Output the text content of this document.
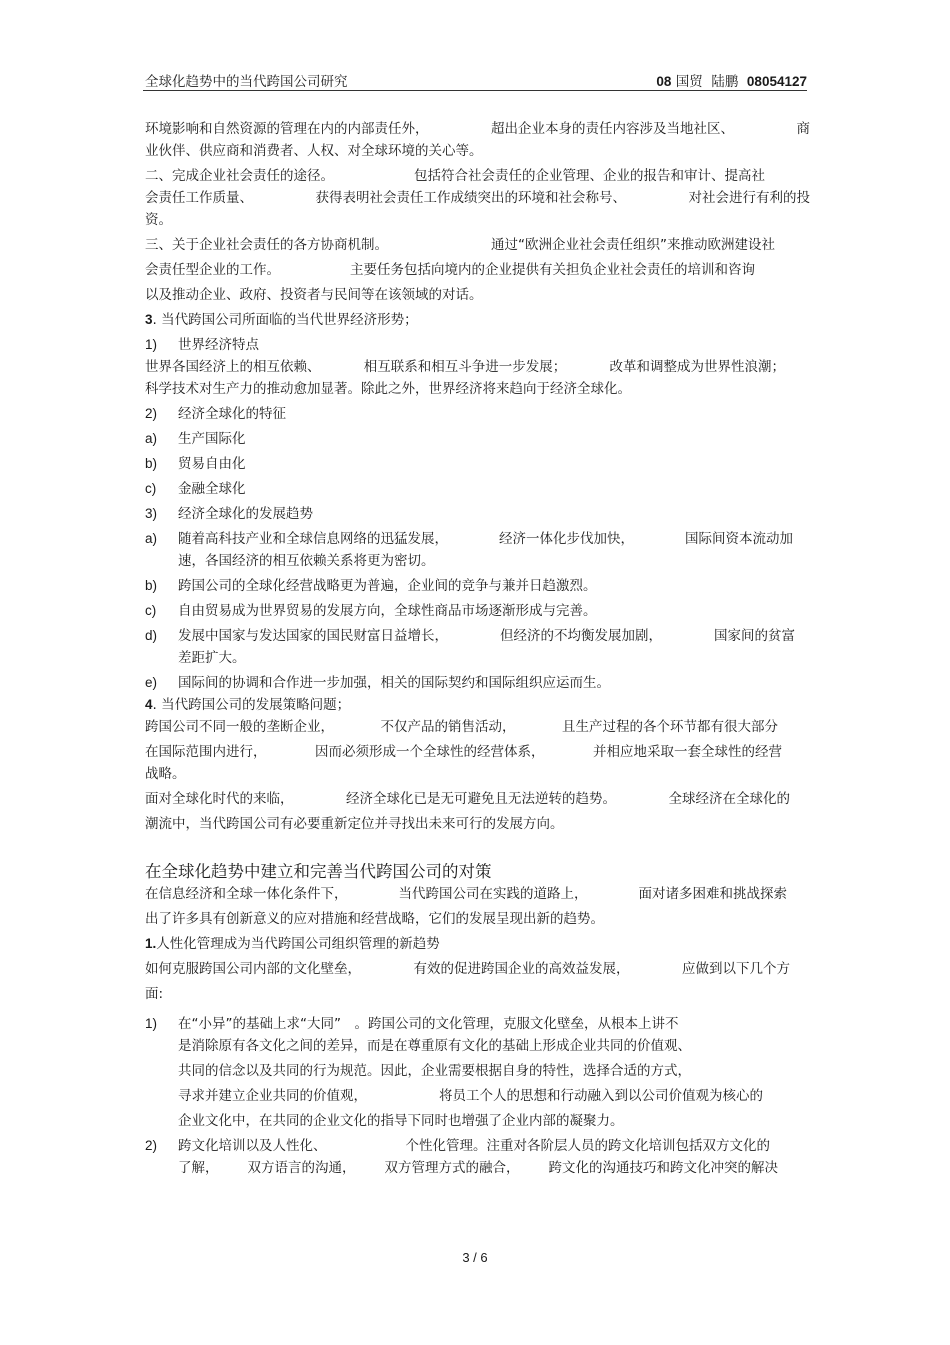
全球化趋势中的当代跨国公司研究	08 国贸 陆鹏 08054127
环境影响和自然资源的管理在内的内部责任外，	超出企业本身的责任内容涉及当地社区、	商
业伙伴、供应商和消费者、人权、对全球环境的关心等。
二、完成企业社会责任的途径。	包括符合社会责任的企业管理、企业的报告和审计、提高社
会责任工作质量、	获得表明社会责任工作成绩突出的环境和社会称号、	对社会进行有利的投
资。
三、关于企业社会责任的各方协商机制。	通过“欧洲企业社会责任组织”来推动欧洲建设社
会责任型企业的工作。	主要任务包括向境内的企业提供有关担负企业社会责任的培训和咨询
以及推动企业、政府、投资者与民间等在该领域的对话。
3. 当代跨国公司所面临的当代世界经济形势；
1) 世界经济特点
世界各国经济上的相互依赖、	相互联系和相互斗争进一步发展；	改革和调整成为世界性浪潮；
科学技术对生产力的推动愈加显著。除此之外，世界经济将来趋向于经济全球化。
2) 经济全球化的特征
a) 生产国际化
b) 贸易自由化
c) 金融全球化
3) 经济全球化的发展趋势
a)	随着高科技产业和全球信息网络的迅猛发展，	经济一体化步伐加快，	国际间资本流动加
速，各国经济的相互依赖关系将更为密切。
b) 跨国公司的全球化经营战略更为普遍，企业间的竞争与兼并日趋激烈。
c) 自由贸易成为世界贸易的发展方向，全球性商品市场逐渐形成与完善。
d)	发展中国家与发达国家的国民财富日益增长，	但经济的不均衡发展加剧，	国家间的贫富
差距扩大。
e) 国际间的协调和合作进一步加强，相关的国际契约和国际组织应运而生。
4. 当代跨国公司的发展策略问题；
跨国公司不同一般的垄断企业，	不仅产品的销售活动，	且生产过程的各个环节都有很大部分
在国际范围内进行，	因而必须形成一个全球性的经营体系，	并相应地采取一套全球性的经营
战略。
面对全球化时代的来临，	经济全球化已是无可避免且无法逆转的趋势。	全球经济在全球化的
潮流中，当代跨国公司有必要重新定位并寻找出未来可行的发展方向。
在全球化趋势中建立和完善当代跨国公司的对策
在信息经济和全球一体化条件下，	当代跨国公司在实践的道路上，	面对诸多困难和挑战探索
出了许多具有创新意义的应对措施和经营战略，它们的发展呈现出新的趋势。
1.人性化管理成为当代跨国公司组织管理的新趋势
如何克服跨国公司内部的文化壁垒，	有效的促进跨国企业的高效益发展，	应做到以下几个方
面:
1) 在“小异”的基础上求“大同”　。跨国公司的文化管理，克服文化壁垒，从根本上讲不
是消除原有各文化之间的差异，而是在尊重原有文化的基础上形成企业共同的价值观、
共同的信念以及共同的行为规范。因此，企业需要根据自身的特性，选择合适的方式，
寻求并建立企业共同的价值观，	将员工个人的思想和行动融入到以公司价值观为核心的
企业文化中，在共同的企业文化的指导下同时也增强了企业内部的凝聚力。
2)	跨文化培训以及人性化、	个性化管理。注重对各阶层人员的跨文化培训包括双方文化的
了解， 双方语言的沟通， 双方管理方式的融合， 跨文化的沟通技巧和跨文化冲突的解决
3 / 6
